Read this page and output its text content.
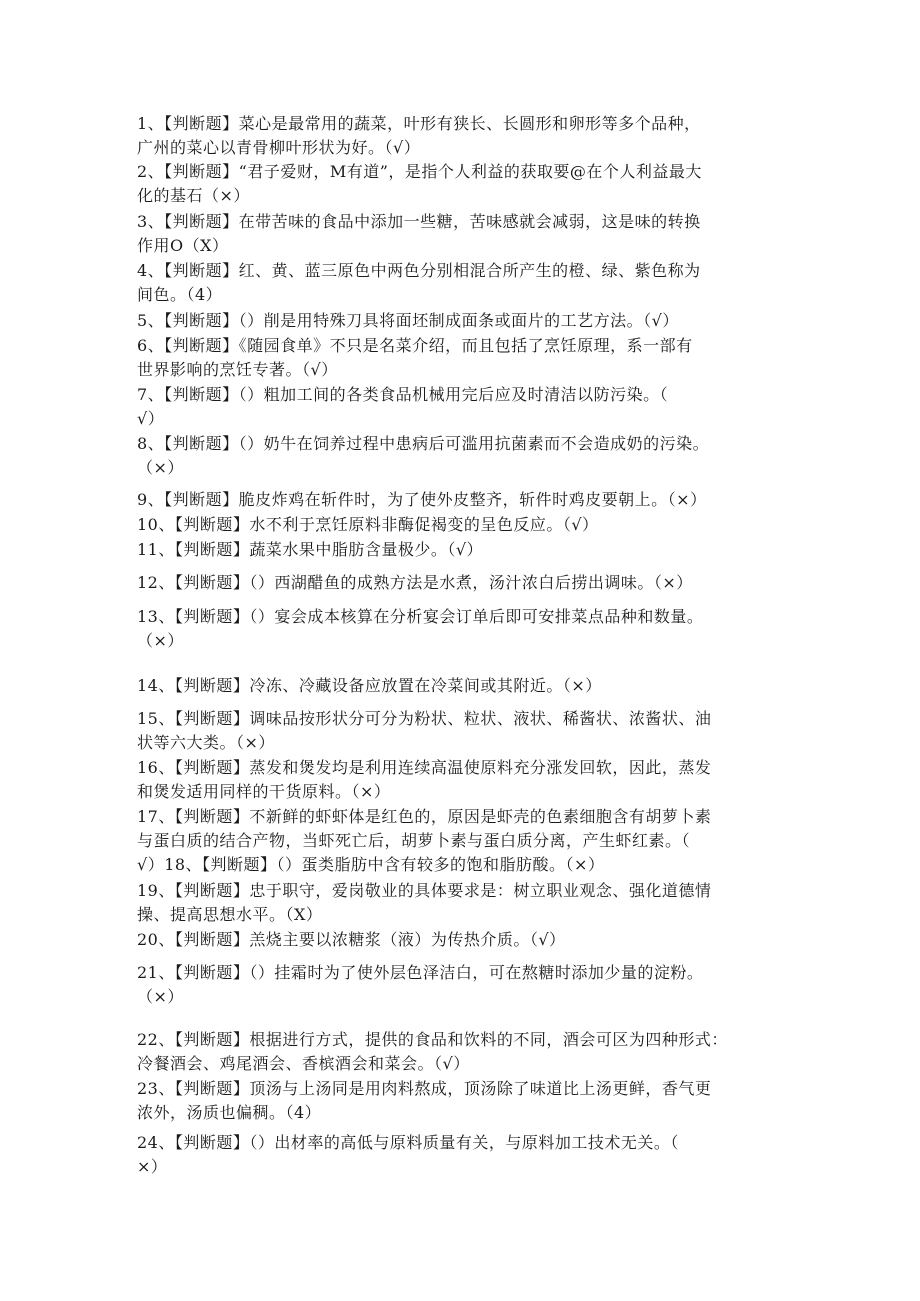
1、【判断题】菜心是最常用的蔬菜，叶形有狭长、长圆形和卵形等多个品种，
广州的菜心以青骨柳叶形状为好。（√）
2、【判断题】“君子爱财，M有道”，是指个人利益的获取要@在个人利益最大
化的基石（×）
3、【判断题】在带苦味的食品中添加一些糖，苦味感就会减弱，这是味的转换
作用O（X）
4、【判断题】红、黄、蓝三原色中两色分别相混合所产生的橙、绿、紫色称为
间色。（4）
5、【判断题】（）削是用特殊刀具将面坯制成面条或面片的工艺方法。（√）
6、【判断题】《随园食单》不只是名菜介绍，而且包括了烹饪原理，系一部有
世界影响的烹饪专著。（√）
7、【判断题】（）粗加工间的各类食品机械用完后应及时清洁以防污染。（
√）
8、【判断题】（）奶牛在饲养过程中患病后可滥用抗菌素而不会造成奶的污染。
（×）
9、【判断题】脆皮炸鸡在斩件时，为了使外皮整齐，斩件时鸡皮要朝上。（×）
10、【判断题】水不利于烹饪原料非酶促褐变的呈色反应。（√）
11、【判断题】蔬菜水果中脂肪含量极少。（√）
12、【判断题】（）西湖醋鱼的成熟方法是水煮，汤汁浓白后捞出调味。（×）
13、【判断题】（）宴会成本核算在分析宴会订单后即可安排菜点品种和数量。
（×）
14、【判断题】冷冻、冷藏设备应放置在冷菜间或其附近。（×）
15、【判断题】调味品按形状分可分为粉状、粒状、液状、稀酱状、浓酱状、油
状等六大类。（×）
16、【判断题】蒸发和煲发均是利用连续高温使原料充分涨发回软，因此，蒸发
和煲发适用同样的干货原料。（×）
17、【判断题】不新鲜的虾虾体是红色的，原因是虾壳的色素细胞含有胡萝卜素
与蛋白质的结合产物，当虾死亡后，胡萝卜素与蛋白质分离，产生虾红素。（
√）18、【判断题】（）蛋类脂肪中含有较多的饱和脂肪酸。（×）
19、【判断题】忠于职守，爱岗敬业的具体要求是：树立职业观念、强化道德情
操、提高思想水平。（X）
20、【判断题】羔烧主要以浓糖浆（液）为传热介质。（√）
21、【判断题】（）挂霜时为了使外层色泽洁白，可在熬糖时添加少量的淀粉。
（×）
22、【判断题】根据进行方式，提供的食品和饮料的不同，酒会可区为四种形式：
冷餐酒会、鸡尾酒会、香槟酒会和菜会。（√）
23、【判断题】顶汤与上汤同是用肉料熬成，顶汤除了味道比上汤更鲜，香气更
浓外，汤质也偏稠。（4）
24、【判断题】（）出材率的高低与原料质量有关，与原料加工技术无关。（
×）
